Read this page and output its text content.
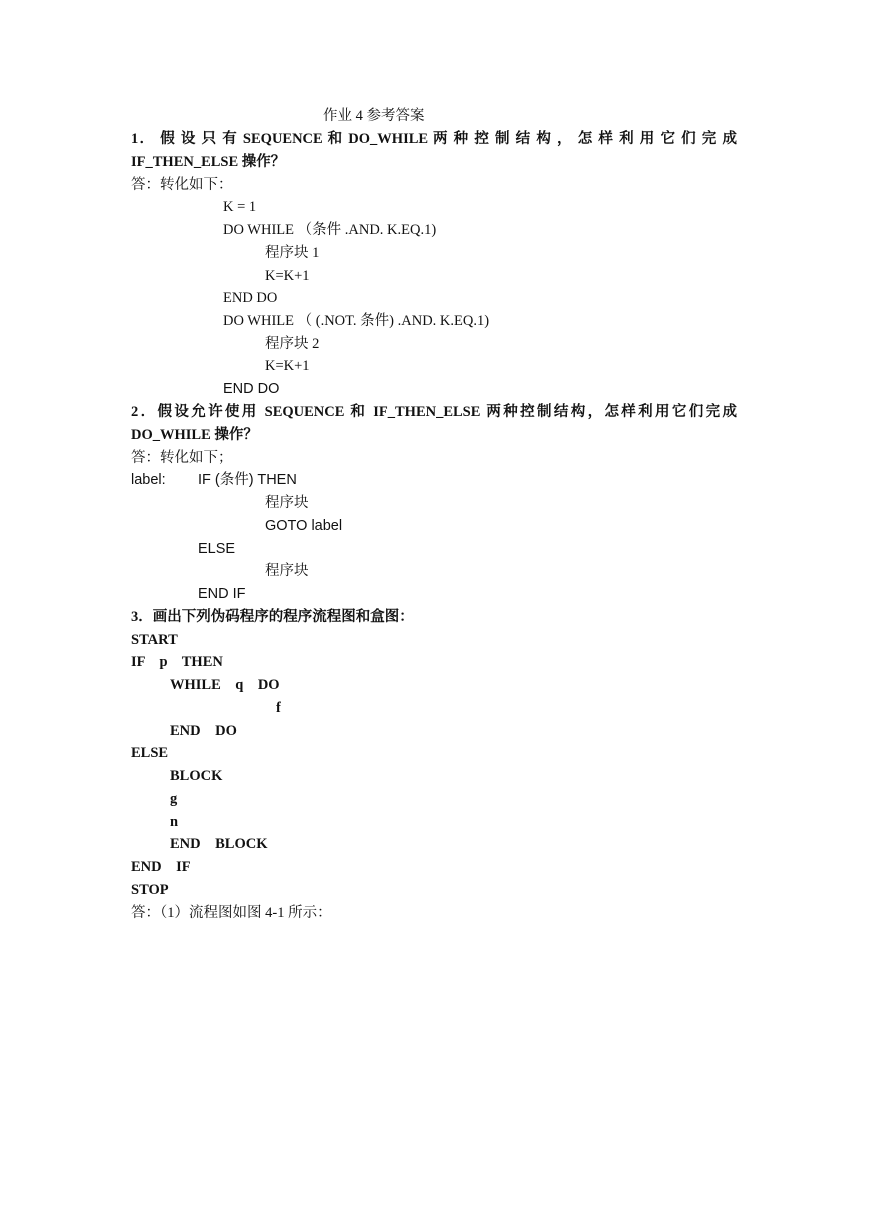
作业 4 参考答案
1． 假 设 只 有 SEQUENCE 和 DO_WHILE 两 种 控 制 结 构 ， 怎 样 利 用 它 们 完 成
IF_THEN_ELSE 操作？
答：转化如下：
K = 1
DO WHILE （条件 .AND. K.EQ.1)
程序块 1
K=K+1
END DO
DO WHILE （ (.NOT. 条件) .AND. K.EQ.1)
程序块 2
K=K+1
END DO
2．假设允许使用 SEQUENCE 和 IF_THEN_ELSE 两种控制结构，怎样利用它们完成
DO_WHILE 操作？
答：转化如下；
label: IF (条件) THEN
程序块
GOTO label
ELSE
程序块
END IF
3．画出下列伪码程序的程序流程图和盒图：
START
IF    p    THEN
WHILE    q    DO
f
END    DO
ELSE
BLOCK
g
n
END    BLOCK
END    IF
STOP
答：（1）流程图如图 4-1 所示：
